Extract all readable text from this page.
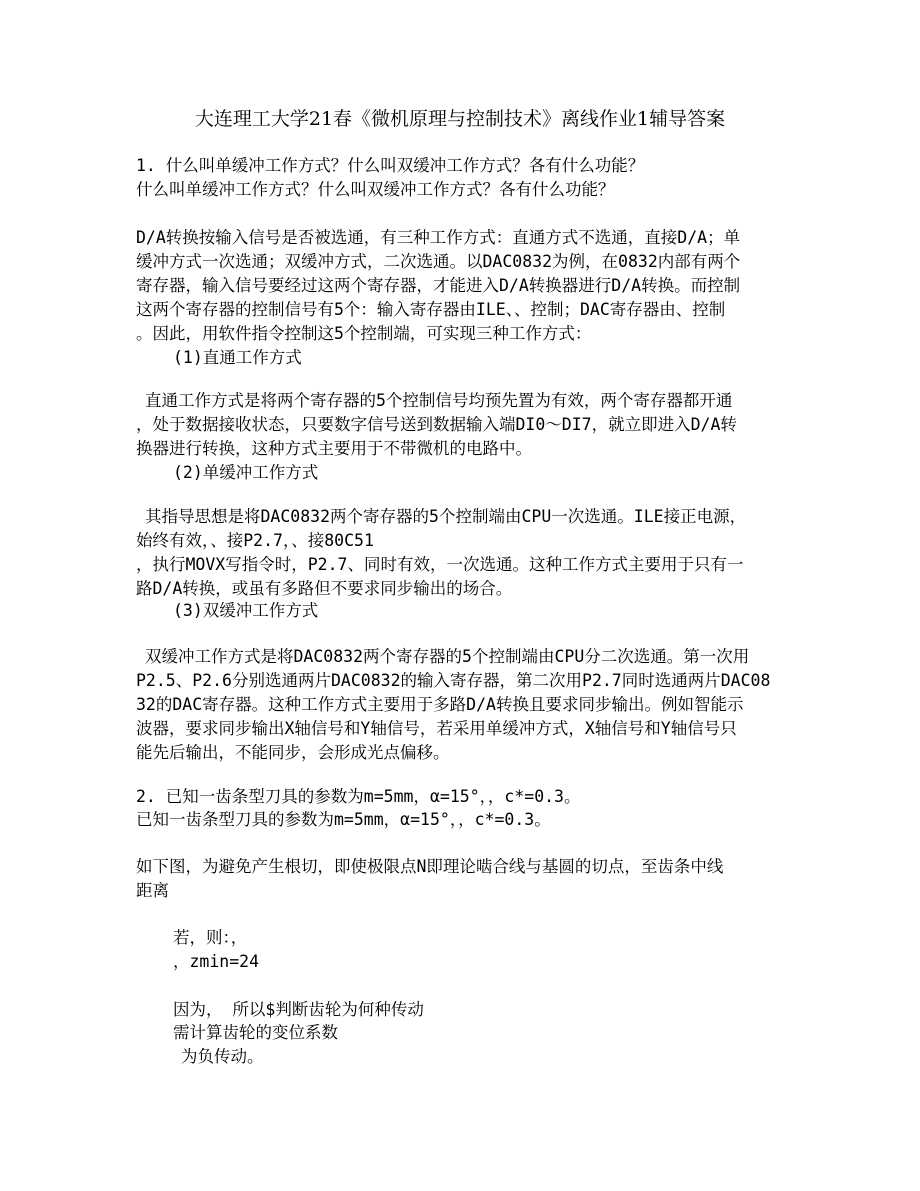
大连理工大学21春《微机原理与控制技术》离线作业1辅导答案
1. 什么叫单缓冲工作方式？什么叫双缓冲工作方式？各有什么功能？
什么叫单缓冲工作方式？什么叫双缓冲工作方式？各有什么功能？
D/A转换按输入信号是否被选通，有三种工作方式：直通方式不选通，直接D/A；单
缓冲方式一次选通；双缓冲方式，二次选通。以DAC0832为例，在0832内部有两个
寄存器，输入信号要经过这两个寄存器，才能进入D/A转换器进行D/A转换。而控制
这两个寄存器的控制信号有5个：输入寄存器由ILE、、控制；DAC寄存器由、控制
。因此，用软件指令控制这5个控制端，可实现三种工作方式：
(1)直通工作方式
直通工作方式是将两个寄存器的5个控制信号均预先置为有效，两个寄存器都开通
，处于数据接收状态，只要数字信号送到数据输入端DI0～DI7，就立即进入D/A转
换器进行转换，这种方式主要用于不带微机的电路中。
(2)单缓冲工作方式
其指导思想是将DAC0832两个寄存器的5个控制端由CPU一次选通。ILE接正电源，
始终有效，、接P2.7，、接80C51
，执行MOVX写指令时，P2.7、同时有效，一次选通。这种工作方式主要用于只有一
路D/A转换，或虽有多路但不要求同步输出的场合。
(3)双缓冲工作方式
双缓冲工作方式是将DAC0832两个寄存器的5个控制端由CPU分二次选通。第一次用
P2.5、P2.6分别选通两片DAC0832的输入寄存器，第二次用P2.7同时选通两片DAC08
32的DAC寄存器。这种工作方式主要用于多路D/A转换且要求同步输出。例如智能示
波器，要求同步输出X轴信号和Y轴信号，若采用单缓冲方式，X轴信号和Y轴信号只
能先后输出，不能同步，会形成光点偏移。
2. 已知一齿条型刀具的参数为m=5mm，α=15°，，c*=0.3。
已知一齿条型刀具的参数为m=5mm，α=15°，，c*=0.3。
如下图，为避免产生根切，即使极限点N即理论啮合线与基圆的切点，至齿条中线
距离
若，则：，
，zmin=24
因为， 所以$判断齿轮为何种传动
需计算齿轮的变位系数
为负传动。
